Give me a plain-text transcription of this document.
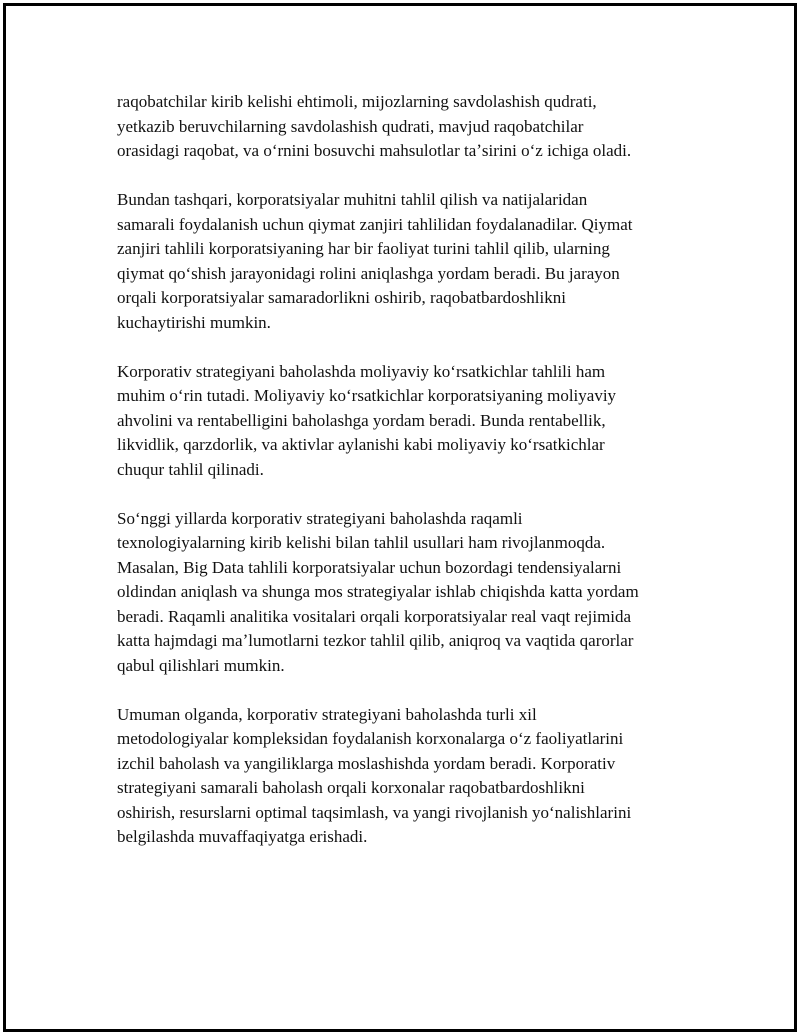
raqobatchilar kirib kelishi ehtimoli, mijozlarning savdolashish qudrati,
yetkazib beruvchilarning savdolashish qudrati, mavjud raqobatchilar
orasidagi raqobat, va oʻrnini bosuvchi mahsulotlar taʼsirini oʻz ichiga oladi.

Bundan tashqari, korporatsiyalar muhitni tahlil qilish va natijalaridan
samarali foydalanish uchun qiymat zanjiri tahlilidan foydalanadilar. Qiymat
zanjiri tahlili korporatsiyaning har bir faoliyat turini tahlil qilib, ularning
qiymat qoʻshish jarayonidagi rolini aniqlashga yordam beradi. Bu jarayon
orqali korporatsiyalar samaradorlikni oshirib, raqobatbardoshlikni
kuchaytirishi mumkin.

Korporativ strategiyani baholashda moliyaviy koʻrsatkichlar tahlili ham
muhim oʻrin tutadi. Moliyaviy koʻrsatkichlar korporatsiyaning moliyaviy
ahvolini va rentabelligini baholashga yordam beradi. Bunda rentabellik,
likvidlik, qarzdorlik, va aktivlar aylanishi kabi moliyaviy koʻrsatkichlar
chuqur tahlil qilinadi.

Soʻnggi yillarda korporativ strategiyani baholashda raqamli
texnologiyalarning kirib kelishi bilan tahlil usullari ham rivojlanmoqda.
Masalan, Big Data tahlili korporatsiyalar uchun bozordagi tendensiyalarni
oldindan aniqlash va shunga mos strategiyalar ishlab chiqishda katta yordam
beradi. Raqamli analitika vositalari orqali korporatsiyalar real vaqt rejimida
katta hajmdagi maʼlumotlarni tezkor tahlil qilib, aniqroq va vaqtida qarorlar
qabul qilishlari mumkin.

Umuman olganda, korporativ strategiyani baholashda turli xil
metodologiyalar kompleksidan foydalanish korxonalarga oʻz faoliyatlarini
izchil baholash va yangiliklarga moslashishda yordam beradi. Korporativ
strategiyani samarali baholash orqali korxonalar raqobatbardoshlikni
oshirish, resurslarni optimal taqsimlash, va yangi rivojlanish yoʻnalishlarini
belgilashda muvaffaqiyatga erishadi.
